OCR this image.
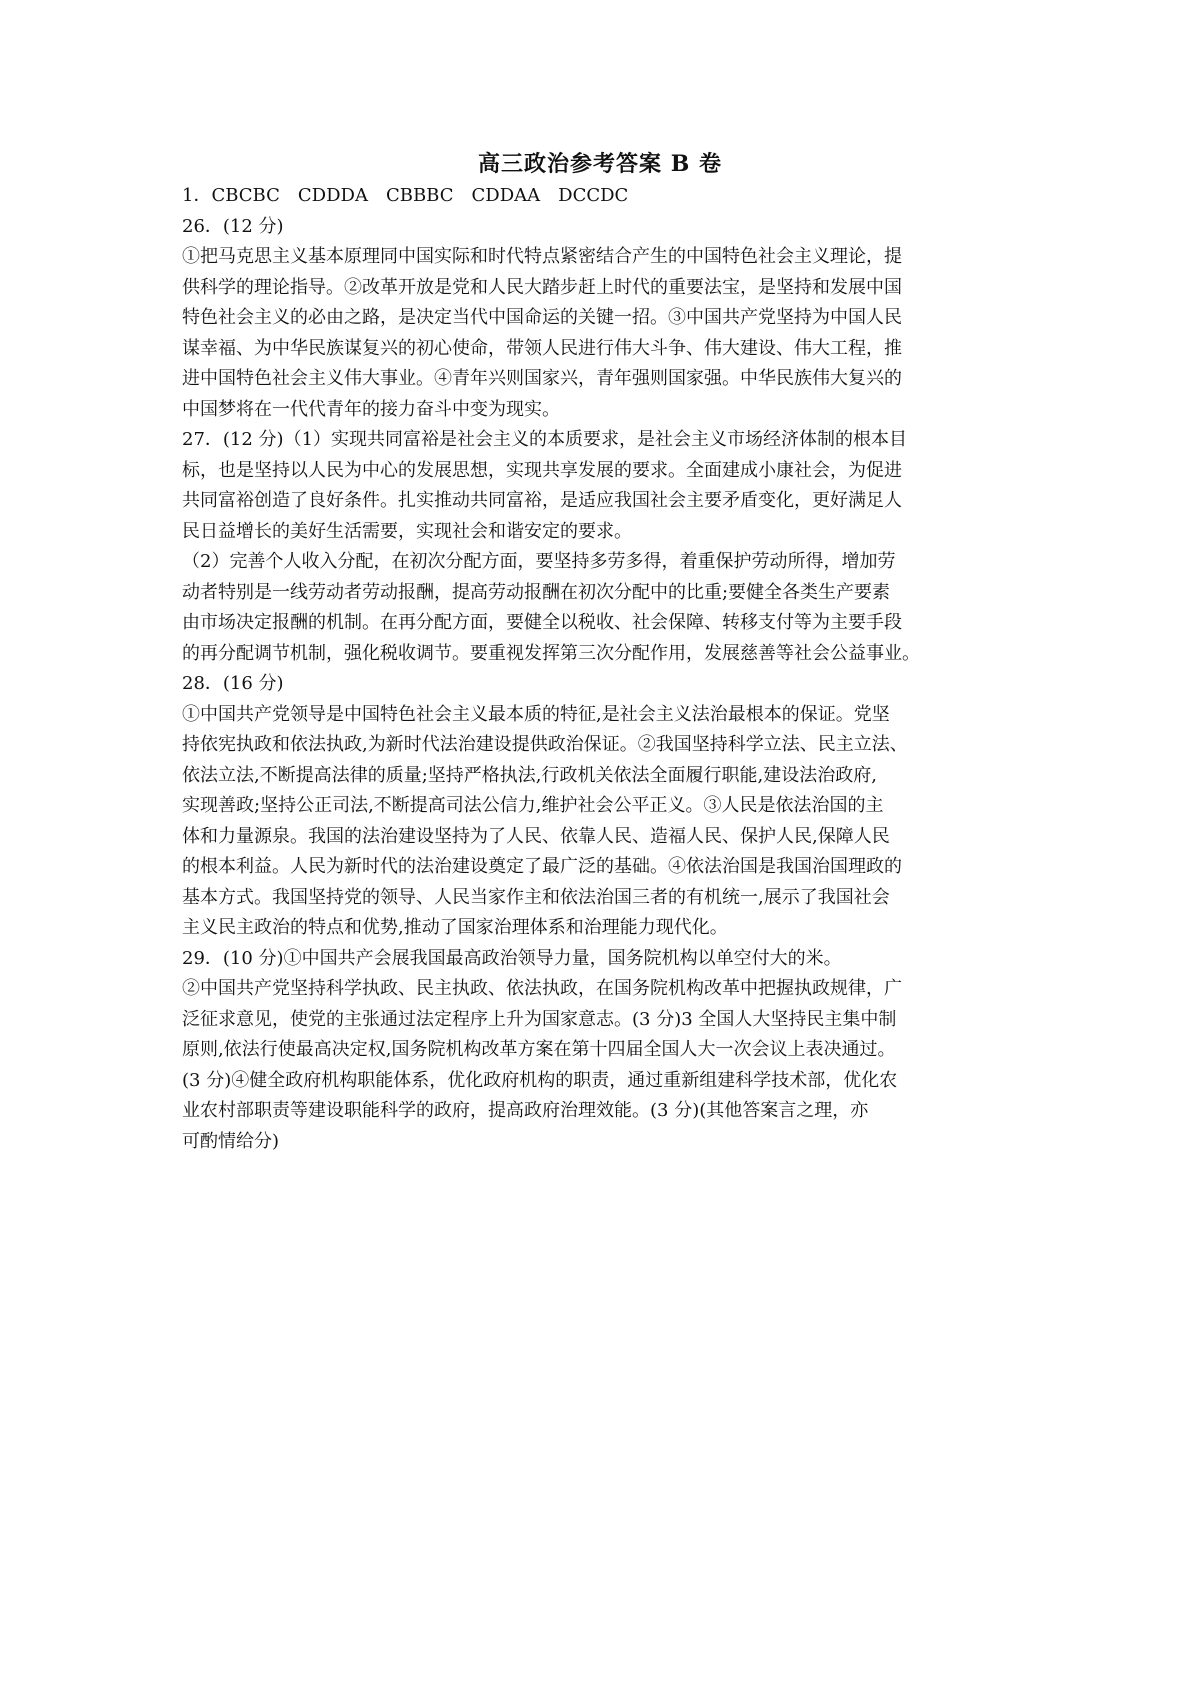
高三政治参考答案 B 卷
1．CBCBC　CDDDA　CBBBC　CDDAA　DCCDC
26．(12 分)
①把马克思主义基本原理同中国实际和时代特点紧密结合产生的中国特色社会主义理论，提
供科学的理论指导。②改革开放是党和人民大踏步赶上时代的重要法宝，是坚持和发展中国
特色社会主义的必由之路，是决定当代中国命运的关键一招。③中国共产党坚持为中国人民
谋幸福、为中华民族谋复兴的初心使命，带领人民进行伟大斗争、伟大建设、伟大工程，推
进中国特色社会主义伟大事业。④青年兴则国家兴，青年强则国家强。中华民族伟大复兴的
中国梦将在一代代青年的接力奋斗中变为现实。
27．(12 分)（1）实现共同富裕是社会主义的本质要求，是社会主义市场经济体制的根本目
标，也是坚持以人民为中心的发展思想，实现共享发展的要求。全面建成小康社会，为促进
共同富裕创造了良好条件。扎实推动共同富裕，是适应我国社会主要矛盾变化，更好满足人
民日益增长的美好生活需要，实现社会和谐安定的要求。
（2）完善个人收入分配，在初次分配方面，要坚持多劳多得，着重保护劳动所得，增加劳
动者特别是一线劳动者劳动报酬，提高劳动报酬在初次分配中的比重;要健全各类生产要素
由市场决定报酬的机制。在再分配方面，要健全以税收、社会保障、转移支付等为主要手段
的再分配调节机制，强化税收调节。要重视发挥第三次分配作用，发展慈善等社会公益事业。
28．(16 分)
①中国共产党领导是中国特色社会主义最本质的特征,是社会主义法治最根本的保证。党坚
持依宪执政和依法执政,为新时代法治建设提供政治保证。②我国坚持科学立法、民主立法、
依法立法,不断提高法律的质量;坚持严格执法,行政机关依法全面履行职能,建设法治政府,
实现善政;坚持公正司法,不断提高司法公信力,维护社会公平正义。③人民是依法治国的主
体和力量源泉。我国的法治建设坚持为了人民、依靠人民、造福人民、保护人民,保障人民
的根本利益。人民为新时代的法治建设奠定了最广泛的基础。④依法治国是我国治国理政的
基本方式。我国坚持党的领导、人民当家作主和依法治国三者的有机统一,展示了我国社会
主义民主政治的特点和优势,推动了国家治理体系和治理能力现代化。
29．(10 分)①中国共产会展我国最高政治领导力量，国务院机构以单空付大的米。
②中国共产党坚持科学执政、民主执政、依法执政，在国务院机构改革中把握执政规律，广
泛征求意见，使党的主张通过法定程序上升为国家意志。(3 分)3 全国人大坚持民主集中制
原则,依法行使最高决定权,国务院机构改革方案在第十四届全国人大一次会议上表决通过。
(3 分)④健全政府机构职能体系，优化政府机构的职责，通过重新组建科学技术部，优化农
业农村部职责等建设职能科学的政府，提高政府治理效能。(3 分)(其他答案言之理，亦
可酌情给分)
